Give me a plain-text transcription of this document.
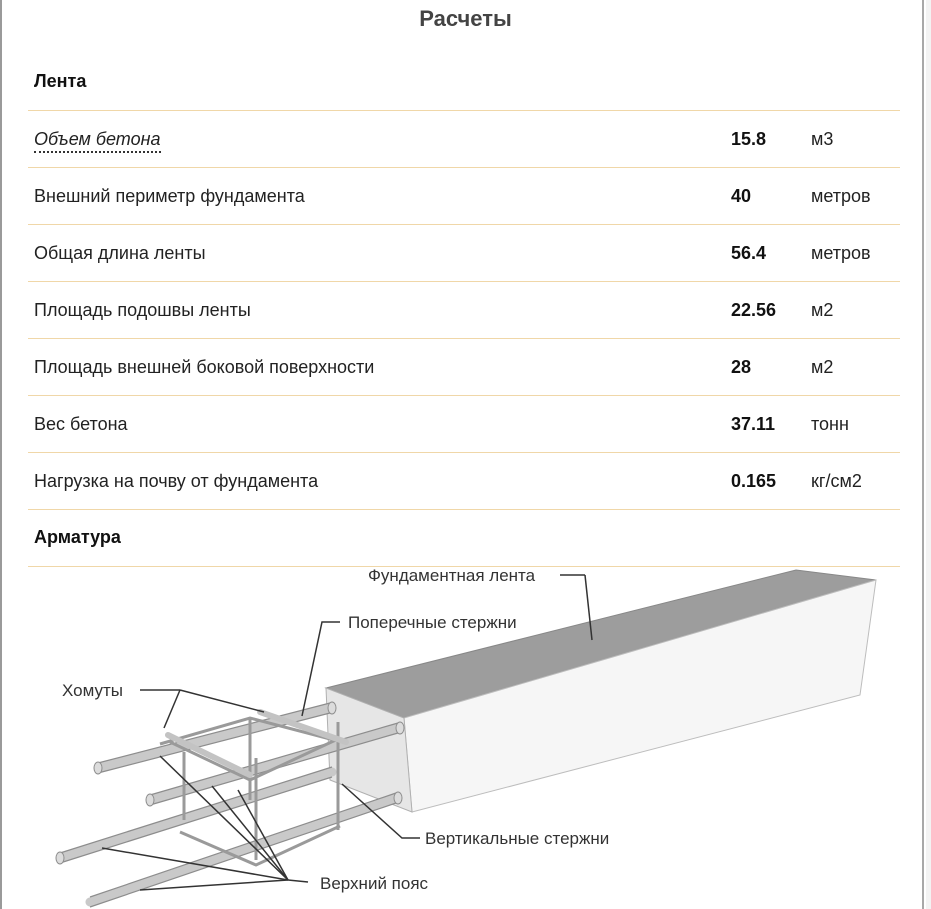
Расчеты
Лента
Объем бетона	15.8 м3
Внешний периметр фундамента	40	метров
Общая длина ленты	56.4 метров
Площадь подошвы ленты	22.56 м2
Площадь внешней боковой поверхности	28	м2
Вес бетона	37.11 тонн
Нагрузка на почву от фундамента	0.165 кг/см2
Арматура
Фундаментная лента
Поперечные стержни
Хомуты
Вертикальные стержни
Верхний пояс
